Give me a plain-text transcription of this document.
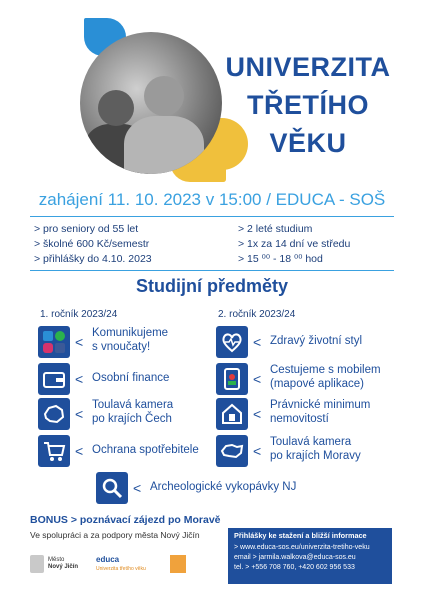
UNIVERZITA
TŘETÍHO
VĚKU
zahájení 11. 10. 2023 v 15:00 / EDUCA - SOŠ
> pro seniory od 55 let
> školné 600 Kč/semestr
> přihlášky do 4.10. 2023
> 2 leté studium
> 1x za 14 dní ve středu
> 15 ⁰⁰ - 18 ⁰⁰ hod
Studijní předměty
1. ročník 2023/24	2. ročník 2023/24
<
Komunikujeme
s vnoučaty!
< Osobní finance
<
Toulavá kamera
po krajích Čech
< Ochrana spotřebitele
< Zdravý životní styl
<
Cestujeme s mobilem
(mapové aplikace)
<
Právnické minimum
nemovitostí
<
Toulavá kamera
po krajích Moravy
< Archeologické vykopávky NJ
BONUS > poznávací zájezd po Moravě
Ve spolupráci a za podpory města Nový Jičín
Město
Nový Jičín
educa
Univerzita třetího věku
Přihlášky ke stažení a bližší informace
> www.educa-sos.eu/univerzita-tretiho-veku
email > jarmila.walkova@educa-sos.eu
tel. > +556 708 760, +420 602 956 533
